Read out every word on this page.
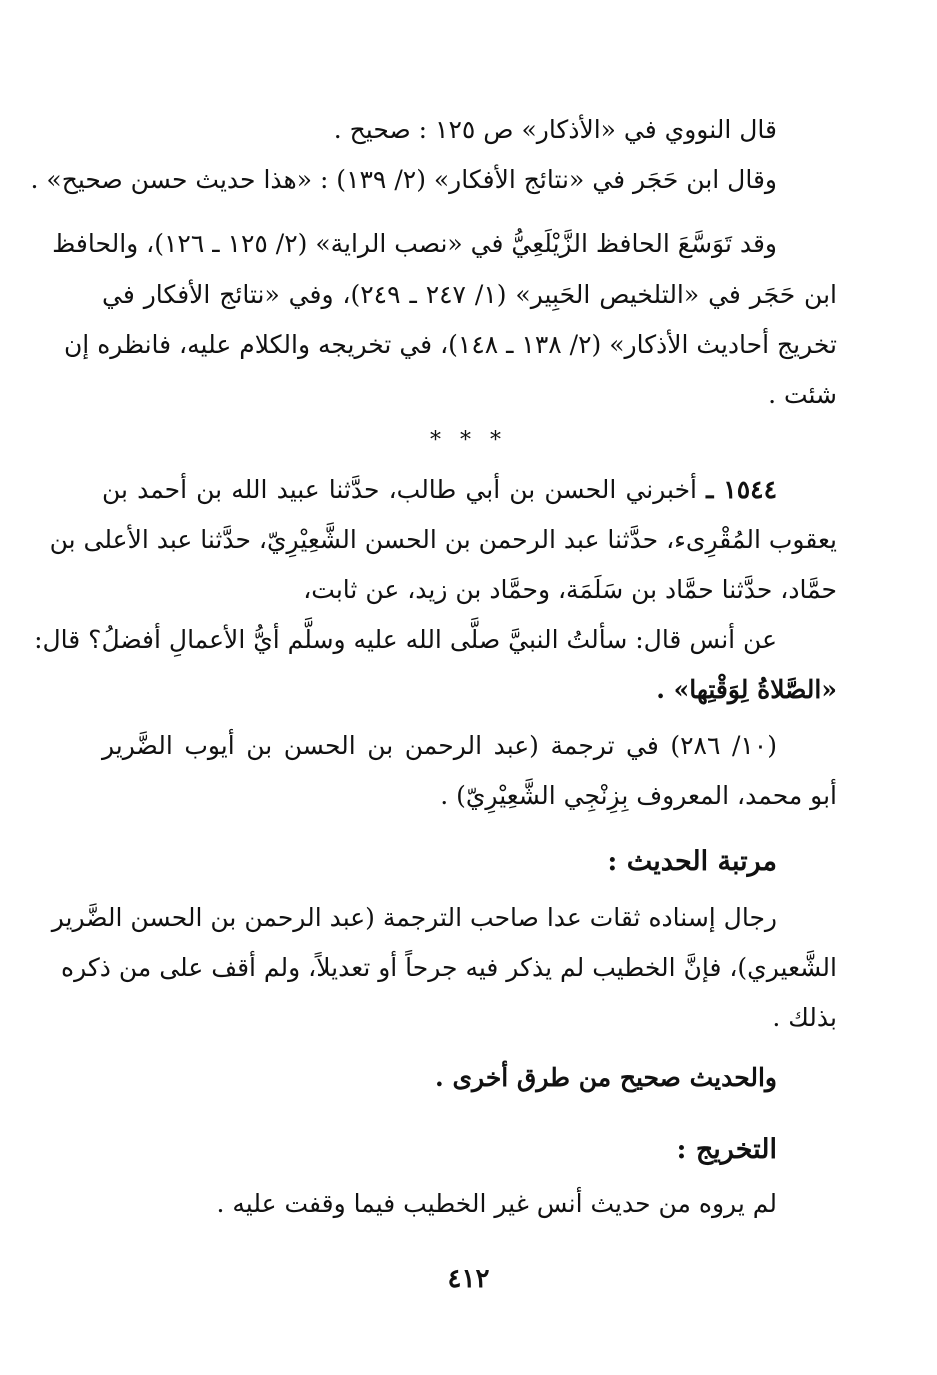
قال النووي في «الأذكار» ص ١٢٥ : صحيح .
وقال ابن حَجَر في «نتائج الأفكار» (٢/ ١٣٩) : «هذا حديث حسن صحيح» .
وقد تَوَسَّعَ الحافظ الزَّيْلَعِيُّ في «نصب الراية» (٢/ ١٢٥ ـ ١٢٦)، والحافظ
ابن حَجَر في «التلخيص الحَبِير» (١/ ٢٤٧ ـ ٢٤٩)، وفي «نتائج الأفكار في
تخريج أحاديث الأذكار» (٢/ ١٣٨ ـ ١٤٨)، في تخريجه والكلام عليه، فانظره إن
شئت .
* * *
١٥٤٤ ـ أخبرني الحسن بن أبي طالب، حدَّثنا عبيد الله بن أحمد بن
يعقوب المُقْرِىء، حدَّثنا عبد الرحمن بن الحسن الشَّعِيْرِيّ، حدَّثنا عبد الأعلى بن
حمَّاد، حدَّثنا حمَّاد بن سَلَمَة، وحمَّاد بن زيد، عن ثابت،
عن أنس قال: سألتُ النبيَّ صلَّى الله عليه وسلَّم أيُّ الأعمالِ أفضلُ؟ قال:
«الصَّلاةُ لِوَقْتِها» .
(١٠/ ٢٨٦) في ترجمة (عبد الرحمن بن الحسن بن أيوب الضَّرير
أبو محمد، المعروف بِزِنْجِي الشَّعِيْرِيّ) .
مرتبة الحديث :
رجال إسناده ثقات عدا صاحب الترجمة (عبد الرحمن بن الحسن الضَّرير
الشَّعيري)، فإنَّ الخطيب لم يذكر فيه جرحاً أو تعديلاً، ولم أقف على من ذكره
بذلك .
والحديث صحيح من طرق أخرى .
التخريج :
لم يروه من حديث أنس غير الخطيب فيما وقفت عليه .
٤١٢
